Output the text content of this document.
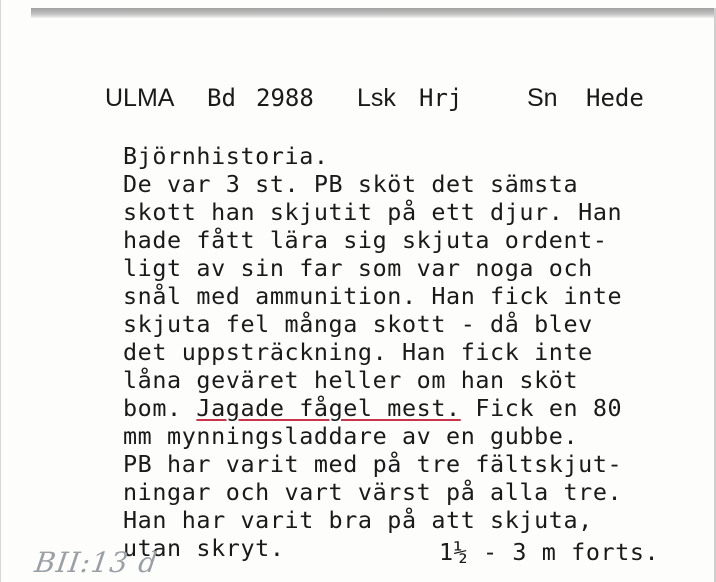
ULMA Bd 2988 Lsk Hrj	Sn Hede
Björnhistoria.
De var 3 st. PB sköt det sämsta
skott han skjutit på ett djur. Han
hade fått lära sig skjuta ordent-
ligt av sin far som var noga och
snål med ammunition. Han fick inte
skjuta fel många skott - då blev
det uppsträckning. Han fick inte
låna geväret heller om han sköt
bom. Jagade fågel mest. Fick en 80
mm mynningsladdare av en gubbe.
PB har varit med på tre fältskjut-
ningar och vart värst på alla tre.
Han har varit bra på att skjuta,
utan skryt.
BII:13 d	1½ - 3 m forts.
